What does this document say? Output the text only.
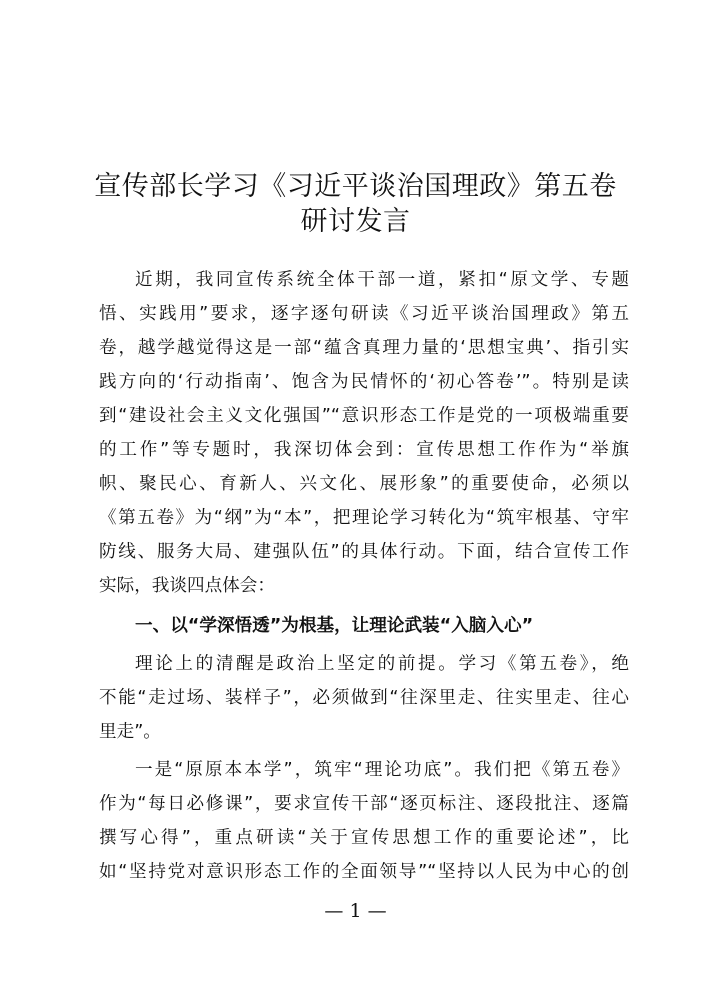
宣传部长学习《习近平谈治国理政》第五卷
研讨发言
近期，我同宣传系统全体干部一道，紧扣“原文学、专题
悟、实践用”要求，逐字逐句研读《习近平谈治国理政》第五
卷，越学越觉得这是一部“蕴含真理力量的‘思想宝典’、指引实
践方向的‘行动指南’、饱含为民情怀的‘初心答卷’”。特别是读
到“建设社会主义文化强国”“意识形态工作是党的一项极端重要
的工作”等专题时，我深切体会到：宣传思想工作作为“举旗
帜、聚民心、育新人、兴文化、展形象”的重要使命，必须以
《第五卷》为“纲”为“本”，把理论学习转化为“筑牢根基、守牢
防线、服务大局、建强队伍”的具体行动。下面，结合宣传工作
实际，我谈四点体会：
一、以“学深悟透”为根基，让理论武装“入脑入心”
理论上的清醒是政治上坚定的前提。学习《第五卷》，绝
不能“走过场、装样子”，必须做到“往深里走、往实里走、往心
里走”。
一是“原原本本学”，筑牢“理论功底”。我们把《第五卷》
作为“每日必修课”，要求宣传干部“逐页标注、逐段批注、逐篇
撰写心得”，重点研读“关于宣传思想工作的重要论述”，比
如“坚持党对意识形态工作的全面领导”“坚持以人民为中心的创
— 1 —
